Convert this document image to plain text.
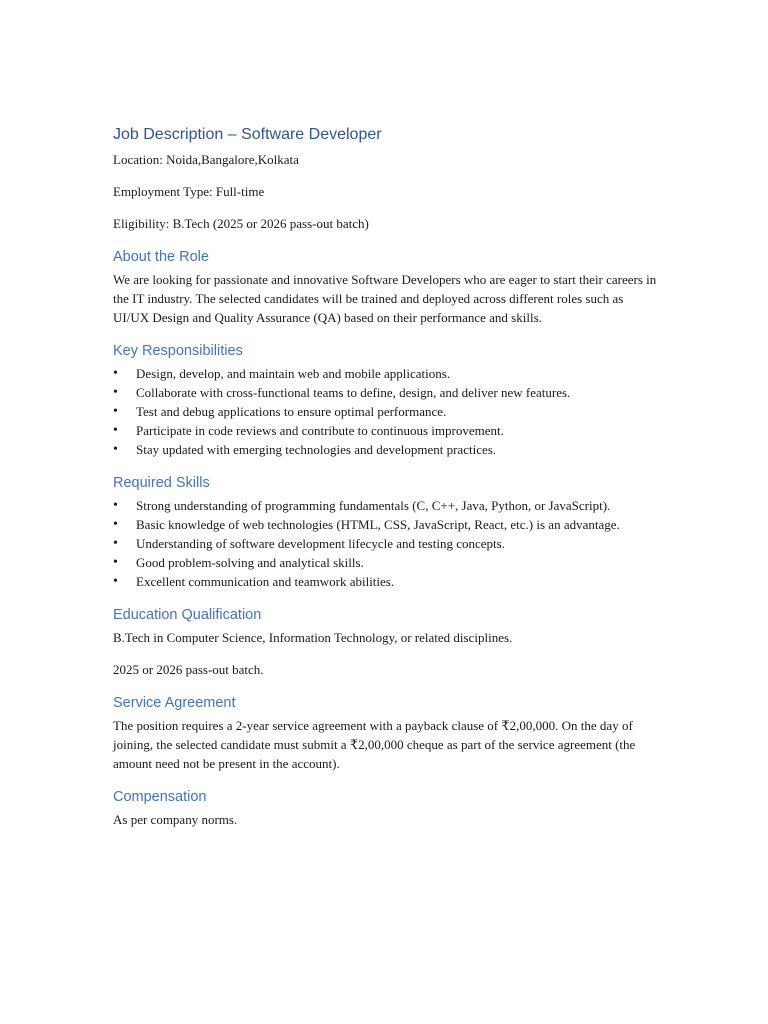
Job Description – Software Developer

Location: Noida,Bangalore,Kolkata

Employment Type: Full-time

Eligibility: B.Tech (2025 or 2026 pass-out batch)

About the Role

We are looking for passionate and innovative Software Developers who are eager to start their careers in the IT industry. The selected candidates will be trained and deployed across different roles such as UI/UX Design and Quality Assurance (QA) based on their performance and skills.

Key Responsibilities
• Design, develop, and maintain web and mobile applications.
• Collaborate with cross-functional teams to define, design, and deliver new features.
• Test and debug applications to ensure optimal performance.
• Participate in code reviews and contribute to continuous improvement.
• Stay updated with emerging technologies and development practices.
Required Skills
• Strong understanding of programming fundamentals (C, C++, Java, Python, or JavaScript).
• Basic knowledge of web technologies (HTML, CSS, JavaScript, React, etc.) is an advantage.
• Understanding of software development lifecycle and testing concepts.
• Good problem-solving and analytical skills.
• Excellent communication and teamwork abilities.
Education Qualification

B.Tech in Computer Science, Information Technology, or related disciplines.

2025 or 2026 pass-out batch.

Service Agreement

The position requires a 2-year service agreement with a payback clause of ₹2,00,000. On the day of joining, the selected candidate must submit a ₹2,00,000 cheque as part of the service agreement (the amount need not be present in the account).

Compensation

As per company norms.
